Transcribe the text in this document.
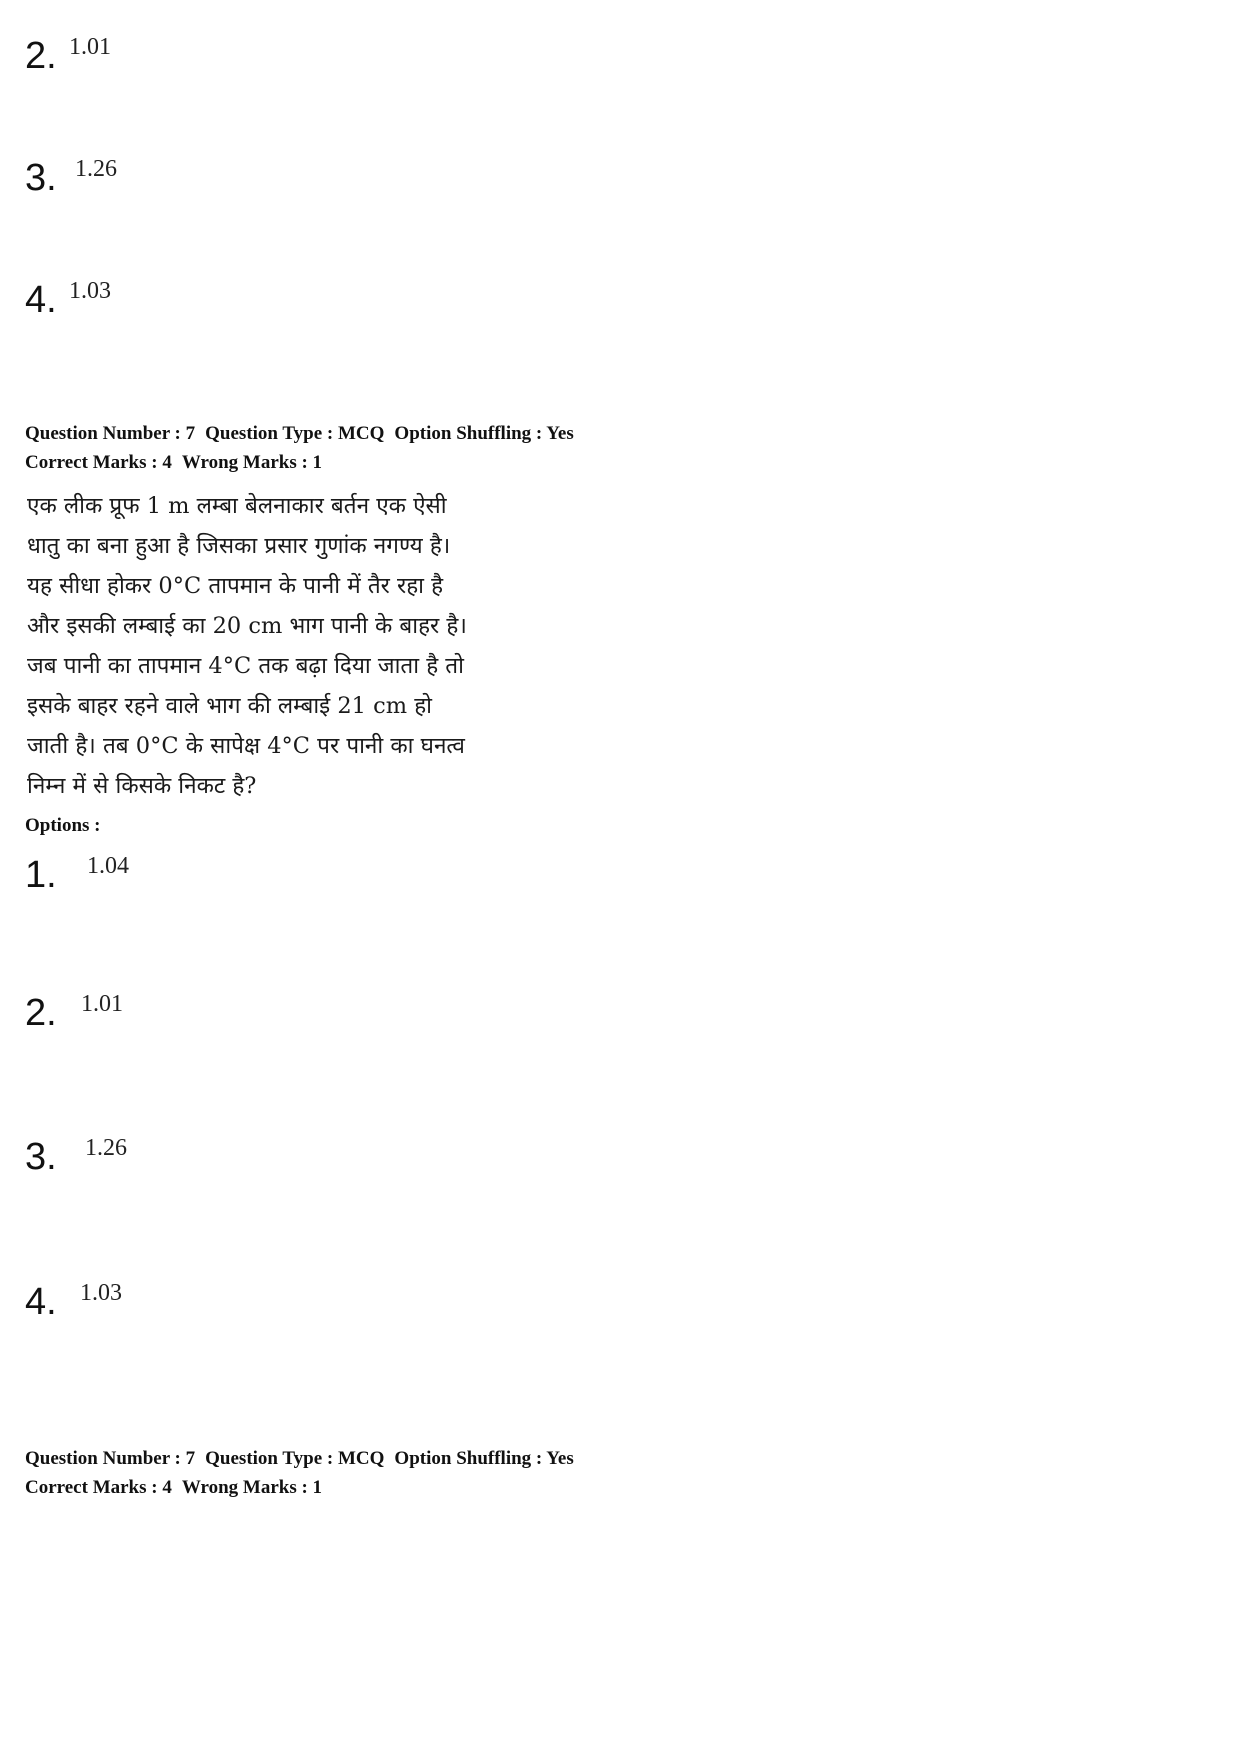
2. 1.01
3. 1.26
4. 1.03
Question Number : 7 Question Type : MCQ Option Shuffling : Yes
Correct Marks : 4 Wrong Marks : 1
एक लीक प्रूफ 1 m लम्बा बेलनाकार बर्तन एक ऐसी
धातु का बना हुआ है जिसका प्रसार गुणांक नगण्य है।
यह सीधा होकर 0°C तापमान के पानी में तैर रहा है
और इसकी लम्बाई का 20 cm भाग पानी के बाहर है।
जब पानी का तापमान 4°C तक बढ़ा दिया जाता है तो
इसके बाहर रहने वाले भाग की लम्बाई 21 cm हो
जाती है। तब 0°C के सापेक्ष 4°C पर पानी का घनत्व
निम्न में से किसके निकट है?
Options :
1. 1.04
2. 1.01
3. 1.26
4. 1.03
Question Number : 7 Question Type : MCQ Option Shuffling : Yes
Correct Marks : 4 Wrong Marks : 1
